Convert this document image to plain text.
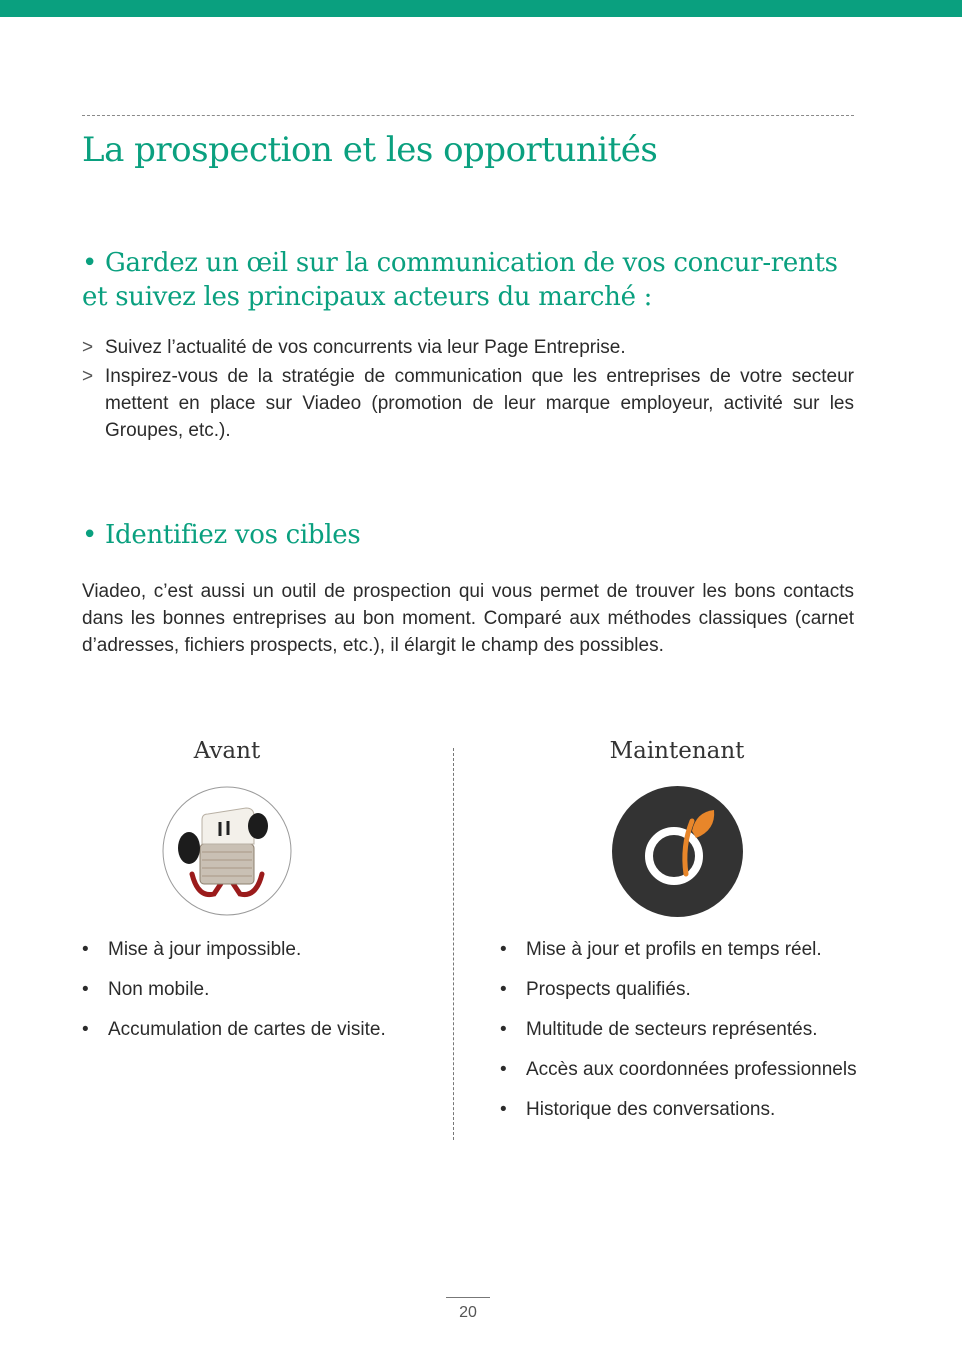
La prospection et les opportunités
• Gardez un œil sur la communication de vos concur-rents et suivez les principaux acteurs du marché :
> Suivez l’actualité de vos concurrents via leur Page Entreprise.
> Inspirez-vous de la stratégie de communication que les entreprises de votre secteur mettent en place sur Viadeo (promotion de leur marque employeur, activité sur les Groupes, etc.).
• Identifiez vos cibles

Viadeo, c’est aussi un outil de prospection qui vous permet de trouver les bons contacts dans les bonnes entreprises au bon moment. Comparé aux méthodes classiques (carnet d’adresses, fichiers prospects, etc.), il élargit le champ des possibles.

Avant	Maintenant
• Mise à jour impossible.
• Non mobile.
• Accumulation de cartes de visite.
• Mise à jour et profils en temps réel.
• Prospects qualifiés.
• Multitude de secteurs représentés.
• Accès aux coordonnées professionnels
• Historique des conversations.
20
